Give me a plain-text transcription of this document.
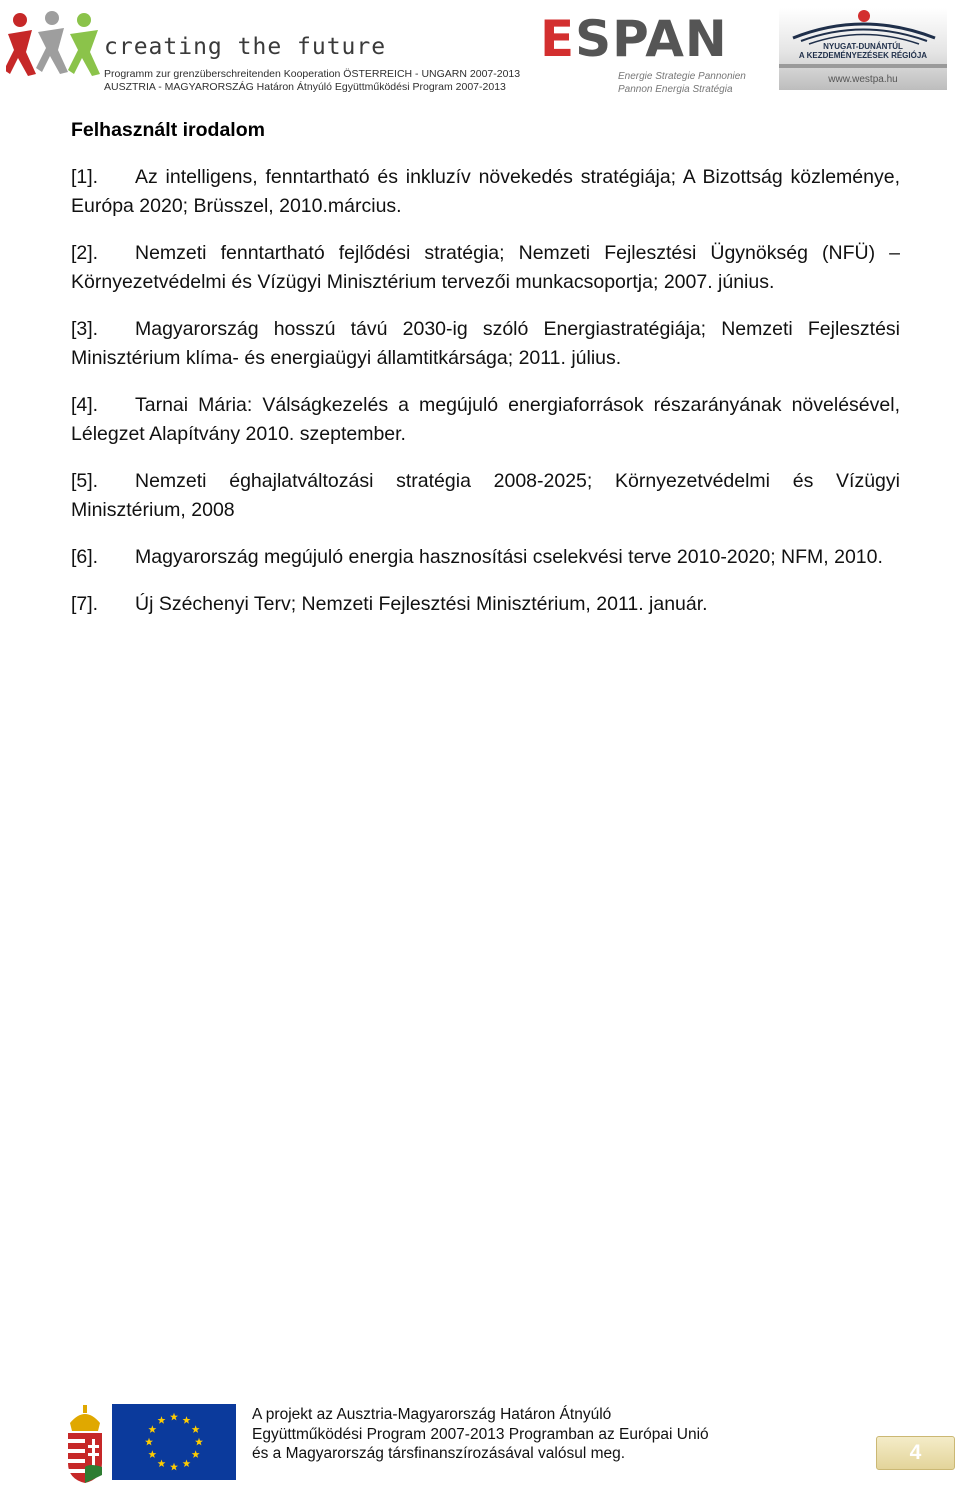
creating the future
Programm zur grenzüberschreitenden Kooperation ÖSTERREICH - UNGARN 2007-2013
AUSZTRIA - MAGYARORSZÁG Határon Átnyúló Együttműködési Program 2007-2013
ESPAN
Energie Strategie Pannonien
Pannon Energia Stratégia
NYUGAT-DUNÁNTÚL
A KEZDEMÉNYEZÉSEK RÉGIÓJA
www.westpa.hu
Felhasznált irodalom

[1]. Az intelligens, fenntartható és inkluzív növekedés stratégiája; A Bizottság közleménye, Európa 2020; Brüsszel, 2010.március.

[2]. Nemzeti fenntartható fejlődési stratégia; Nemzeti Fejlesztési Ügynökség (NFÜ) – Környezetvédelmi és Vízügyi Minisztérium tervezői munkacsoportja; 2007. június.

[3]. Magyarország hosszú távú 2030-ig szóló Energiastratégiája; Nemzeti Fejlesztési Minisztérium klíma- és energiaügyi államtitkársága; 2011. július.

[4]. Tarnai Mária: Válságkezelés a megújuló energiaforrások részarányának növelésével, Lélegzet Alapítvány 2010. szeptember.

[5]. Nemzeti éghajlatváltozási stratégia 2008-2025; Környezetvédelmi és Vízügyi Minisztérium, 2008

[6]. Magyarország megújuló energia hasznosítási cselekvési terve 2010-2020; NFM, 2010.

[7]. Új Széchenyi Terv; Nemzeti Fejlesztési Minisztérium, 2011. január.

A projekt az Ausztria-Magyarország Határon Átnyúló
Együttműködési Program 2007-2013 Programban az Európai Unió
és a Magyarország társfinanszírozásával valósul meg.	4
